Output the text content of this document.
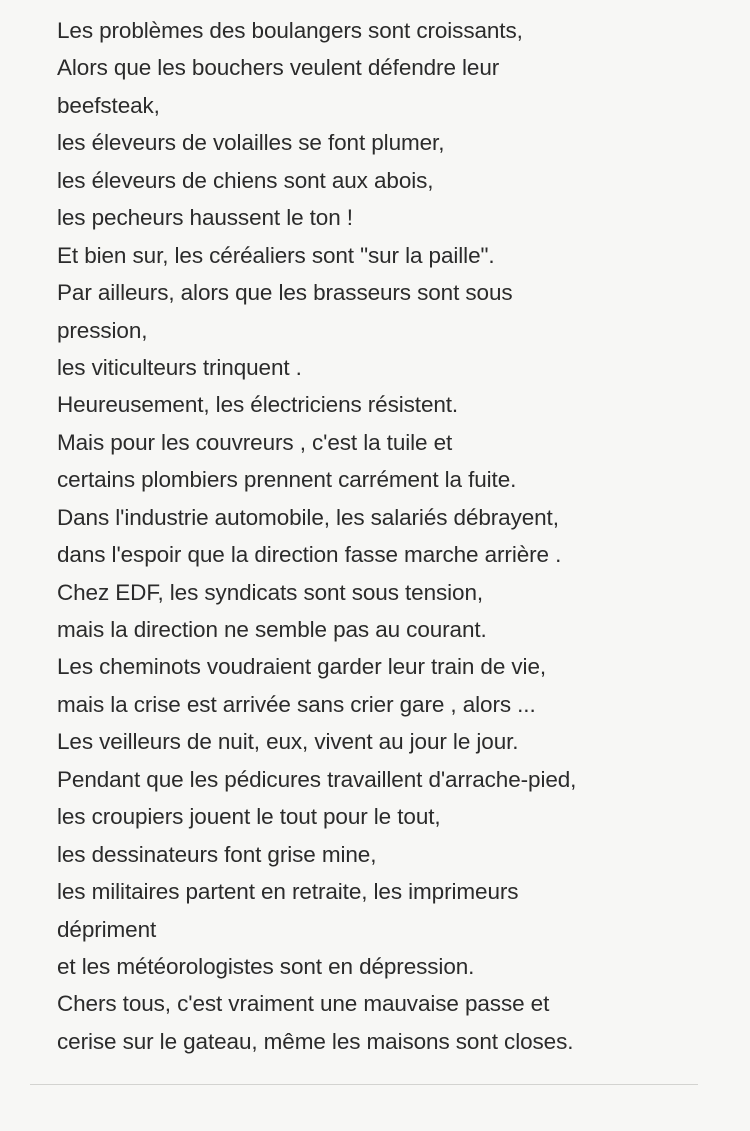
Les problèmes des boulangers sont croissants,
Alors que les bouchers veulent défendre leur
beefsteak,
les éleveurs de volailles se font plumer,
les éleveurs de chiens sont aux abois,
les pecheurs haussent le ton !
Et bien sur, les céréaliers sont "sur la paille".
Par ailleurs, alors que les brasseurs sont sous
pression,
les viticulteurs trinquent .
Heureusement, les électriciens résistent.
Mais pour les couvreurs , c'est la tuile et
certains plombiers prennent carrément la fuite.
Dans l'industrie automobile, les salariés débrayent,
dans l'espoir que la direction fasse marche arrière .
Chez EDF, les syndicats sont sous tension,
mais la direction ne semble pas au courant.
Les cheminots voudraient garder leur train de vie,
mais la crise est arrivée sans crier gare , alors ...
Les veilleurs de nuit, eux, vivent au jour le jour.
Pendant que les pédicures travaillent d'arrache-pied,
les croupiers jouent le tout pour le tout,
les dessinateurs font grise mine,
les militaires partent en retraite, les imprimeurs
dépriment
et les météorologistes sont en dépression.
Chers tous, c'est vraiment une mauvaise passe et
cerise sur le gateau, même les maisons sont closes.
